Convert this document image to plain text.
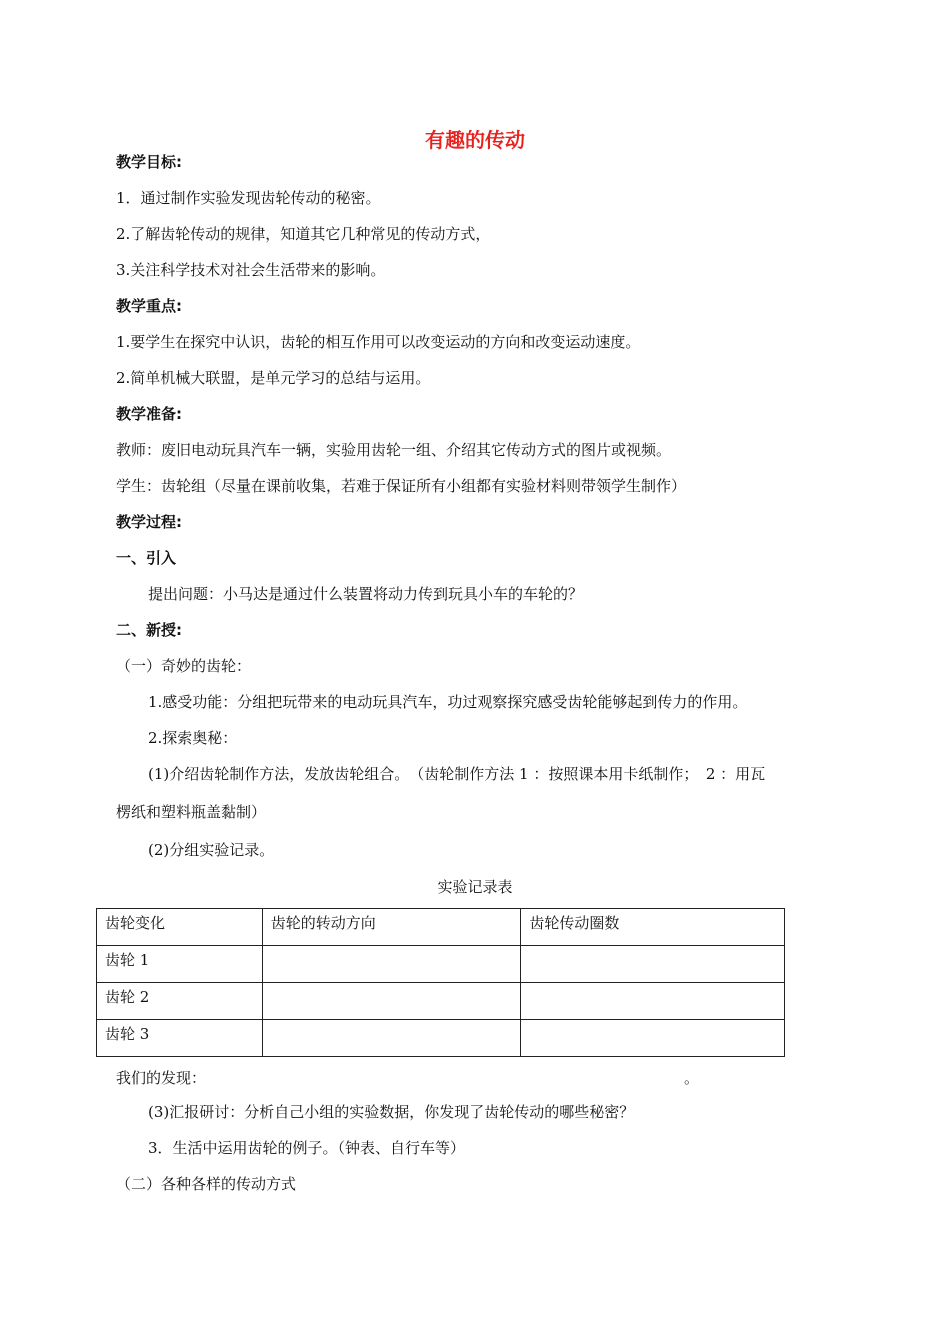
有趣的传动
教学目标:
1．通过制作实验发现齿轮传动的秘密。
2.了解齿轮传动的规律，知道其它几种常见的传动方式，
3.关注科学技术对社会生活带来的影响。
教学重点:
1.要学生在探究中认识，齿轮的相互作用可以改变运动的方向和改变运动速度。
2.简单机械大联盟，是单元学习的总结与运用。
教学准备:
教师：废旧电动玩具汽车一辆，实验用齿轮一组、介绍其它传动方式的图片或视频。
学生：齿轮组（尽量在课前收集，若难于保证所有小组都有实验材料则带领学生制作）
教学过程:
一、引入
提出问题：小马达是通过什么装置将动力传到玩具小车的车轮的？
二、新授:
（一）奇妙的齿轮：
1.感受功能：分组把玩带来的电动玩具汽车，功过观察探究感受齿轮能够起到传力的作用。
2.探索奥秘：
(1)介绍齿轮制作方法，发放齿轮组合。　（齿轮制作方法 1 ：按照课本用卡纸制作；　2 ：用瓦
楞纸和塑料瓶盖黏制）
(2)分组实验记录。
实验记录表
齿轮变化	齿轮的转动方向	齿轮传动圈数
齿轮 1		
齿轮 2		
齿轮 3		
我们的发现：	。
(3)汇报研讨：分析自己小组的实验数据，你发现了齿轮传动的哪些秘密？
3．生活中运用齿轮的例子。（钟表、自行车等）
（二）各种各样的传动方式
